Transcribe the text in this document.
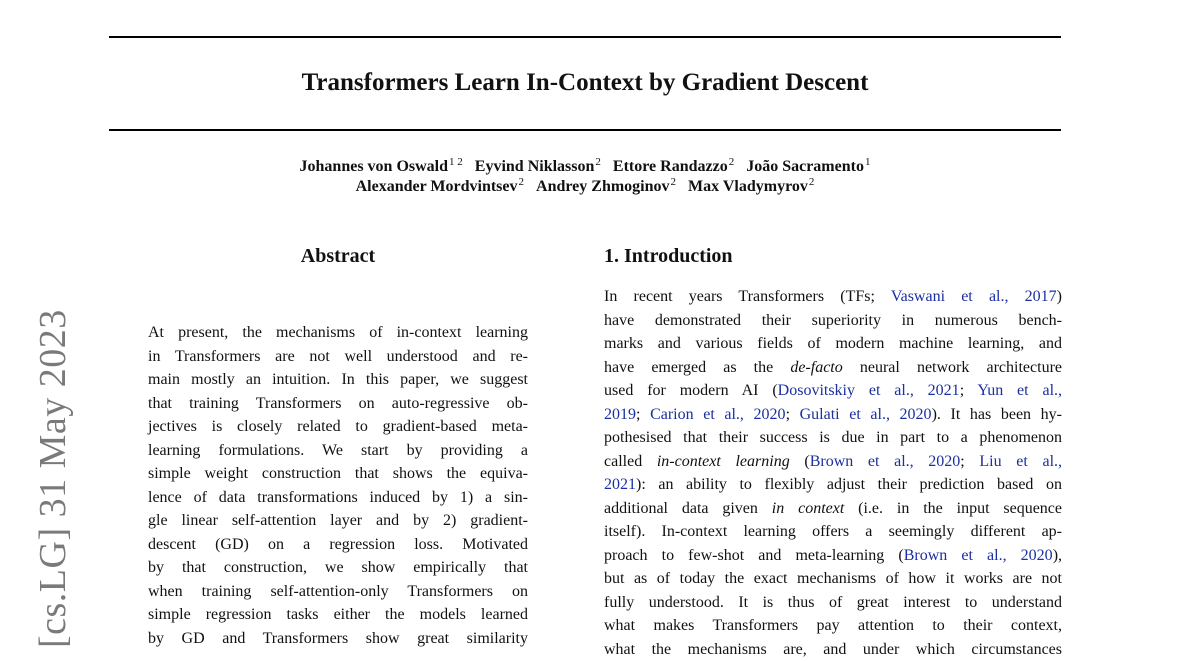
Transformers Learn In-Context by Gradient Descent
Johannes von Oswald$^{1 2}$ Eyvind Niklasson$^2$ Ettore Randazzo$^2$ João Sacramento$^1$
Alexander Mordvintsev$^2$ Andrey Zhmoginov$^2$ Max Vladymyrov$^2$
[cs.LG] 31 May 2023
Abstract
At present, the mechanisms of in-context learning
in Transformers are not well understood and re-
main mostly an intuition. In this paper, we suggest
that training Transformers on auto-regressive ob-
jectives is closely related to gradient-based meta-
learning formulations. We start by providing a
simple weight construction that shows the equiva-
lence of data transformations induced by 1) a sin-
gle linear self-attention layer and by 2) gradient-
descent (GD) on a regression loss. Motivated
by that construction, we show empirically that
when training self-attention-only Transformers on
simple regression tasks either the models learned
by GD and Transformers show great similarity
1. Introduction
In recent years Transformers (TFs; Vaswani et al., 2017)
have demonstrated their superiority in numerous bench-
marks and various fields of modern machine learning, and
have emerged as the de-facto neural network architecture
used for modern AI (Dosovitskiy et al., 2021; Yun et al.,
2019; Carion et al., 2020; Gulati et al., 2020). It has been hy-
pothesised that their success is due in part to a phenomenon
called in-context learning (Brown et al., 2020; Liu et al.,
2021): an ability to flexibly adjust their prediction based on
additional data given in context (i.e. in the input sequence
itself). In-context learning offers a seemingly different ap-
proach to few-shot and meta-learning (Brown et al., 2020),
but as of today the exact mechanisms of how it works are not
fully understood. It is thus of great interest to understand
what makes Transformers pay attention to their context,
what the mechanisms are, and under which circumstances
